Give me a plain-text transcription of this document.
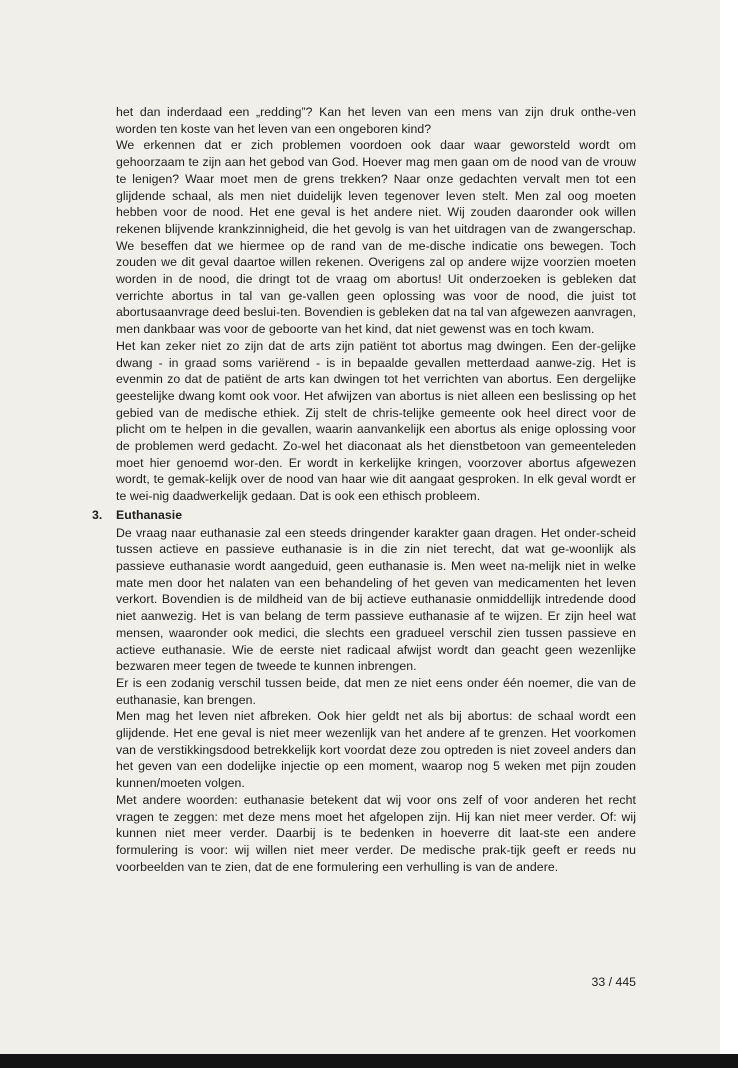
het dan inderdaad een „redding”? Kan het leven van een mens van zijn druk onthe-ven worden ten koste van het leven van een ongeboren kind?

We erkennen dat er zich problemen voordoen ook daar waar geworsteld wordt om gehoorzaam te zijn aan het gebod van God. Hoever mag men gaan om de nood van de vrouw te lenigen? Waar moet men de grens trekken? Naar onze gedachten vervalt men tot een glijdende schaal, als men niet duidelijk leven tegenover leven stelt. Men zal oog moeten hebben voor de nood. Het ene geval is het andere niet. Wij zouden daaronder ook willen rekenen blijvende krankzinnigheid, die het gevolg is van het uitdragen van de zwangerschap. We beseffen dat we hiermee op de rand van de me-dische indicatie ons bewegen. Toch zouden we dit geval daartoe willen rekenen. Overigens zal op andere wijze voorzien moeten worden in de nood, die dringt tot de vraag om abortus! Uit onderzoeken is gebleken dat verrichte abortus in tal van ge-vallen geen oplossing was voor de nood, die juist tot abortusaanvrage deed beslui-ten. Bovendien is gebleken dat na tal van afgewezen aanvragen, men dankbaar was voor de geboorte van het kind, dat niet gewenst was en toch kwam.

Het kan zeker niet zo zijn dat de arts zijn patiënt tot abortus mag dwingen. Een der-gelijke dwang - in graad soms variërend - is in bepaalde gevallen metterdaad aanwe-zig. Het is evenmin zo dat de patiënt de arts kan dwingen tot het verrichten van abortus. Een dergelijke geestelijke dwang komt ook voor. Het afwijzen van abortus is niet alleen een beslissing op het gebied van de medische ethiek. Zij stelt de chris-telijke gemeente ook heel direct voor de plicht om te helpen in die gevallen, waarin aanvankelijk een abortus als enige oplossing voor de problemen werd gedacht. Zo-wel het diaconaat als het dienstbetoon van gemeenteleden moet hier genoemd wor-den. Er wordt in kerkelijke kringen, voorzover abortus afgewezen wordt, te gemak-kelijk over de nood van haar wie dit aangaat gesproken. In elk geval wordt er te wei-nig daadwerkelijk gedaan. Dat is ook een ethisch probleem.

3. Euthanasie

De vraag naar euthanasie zal een steeds dringender karakter gaan dragen. Het onder-scheid tussen actieve en passieve euthanasie is in die zin niet terecht, dat wat ge-woonlijk als passieve euthanasie wordt aangeduid, geen euthanasie is. Men weet na-melijk niet in welke mate men door het nalaten van een behandeling of het geven van medicamenten het leven verkort. Bovendien is de mildheid van de bij actieve euthanasie onmiddellijk intredende dood niet aanwezig. Het is van belang de term passieve euthanasie af te wijzen. Er zijn heel wat mensen, waaronder ook medici, die slechts een gradueel verschil zien tussen passieve en actieve euthanasie. Wie de eerste niet radicaal afwijst wordt dan geacht geen wezenlijke bezwaren meer tegen de tweede te kunnen inbrengen.

Er is een zodanig verschil tussen beide, dat men ze niet eens onder één noemer, die van de euthanasie, kan brengen.

Men mag het leven niet afbreken. Ook hier geldt net als bij abortus: de schaal wordt een glijdende. Het ene geval is niet meer wezenlijk van het andere af te grenzen. Het voorkomen van de verstikkingsdood betrekkelijk kort voordat deze zou optreden is niet zoveel anders dan het geven van een dodelijke injectie op een moment, waarop nog 5 weken met pijn zouden kunnen/moeten volgen.

Met andere woorden: euthanasie betekent dat wij voor ons zelf of voor anderen het recht vragen te zeggen: met deze mens moet het afgelopen zijn. Hij kan niet meer verder. Of: wij kunnen niet meer verder. Daarbij is te bedenken in hoeverre dit laat-ste een andere formulering is voor: wij willen niet meer verder. De medische prak-tijk geeft er reeds nu voorbeelden van te zien, dat de ene formulering een verhulling is van de andere.

33 / 445
